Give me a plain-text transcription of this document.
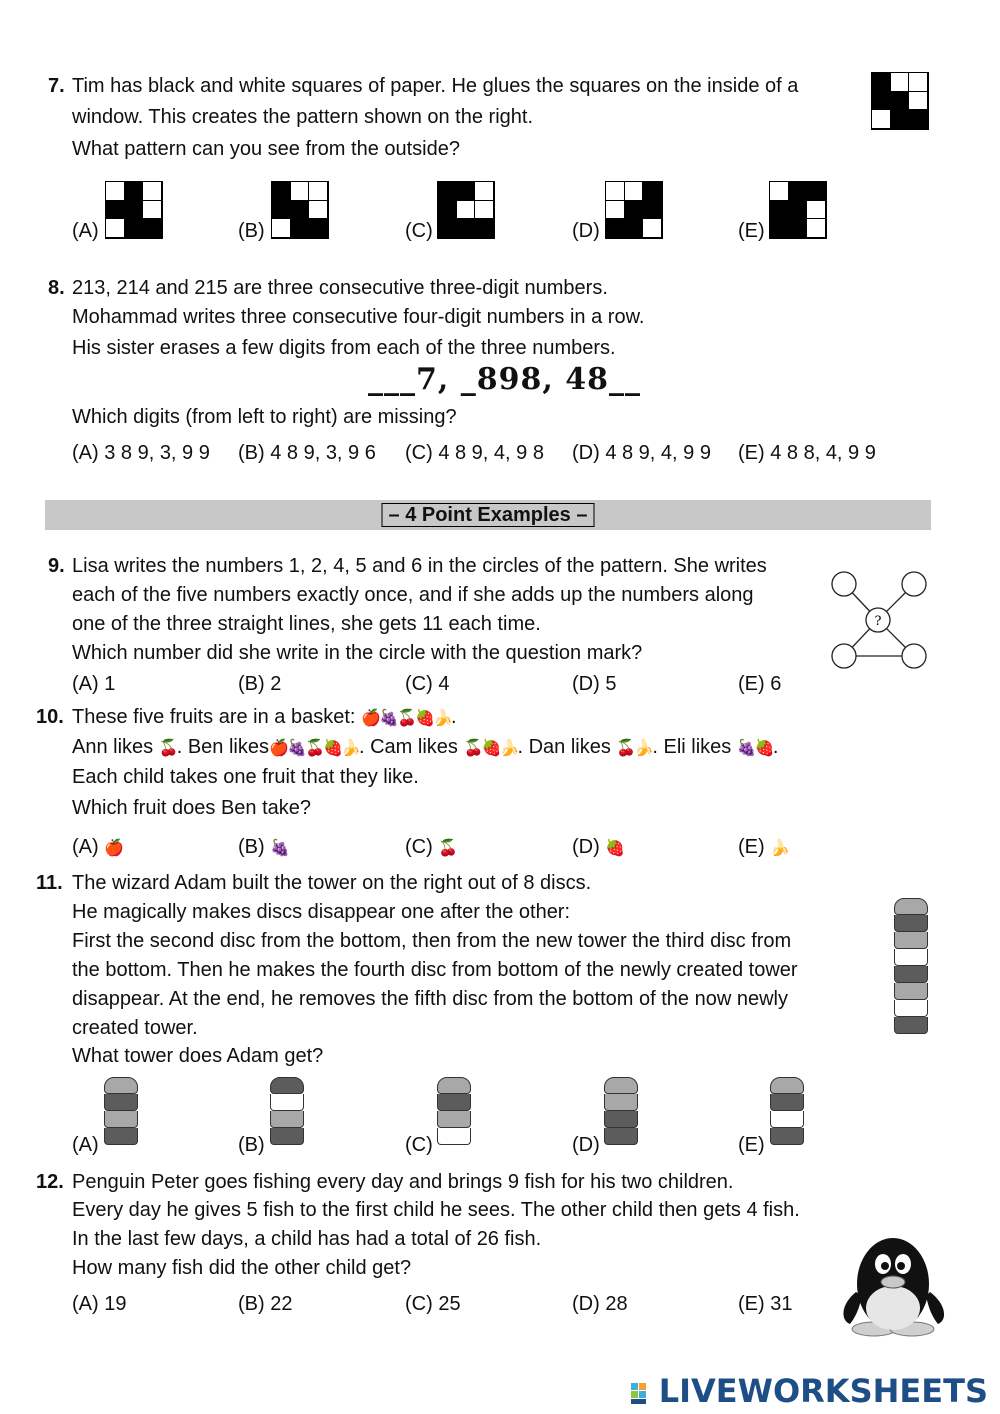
7. Tim has black and white squares of paper. He glues the squares on the inside of a
window. This creates the pattern shown on the right.
What pattern can you see from the outside?
(A)	(B)	(C)	(D)	(E)
8. 213, 214 and 215 are three consecutive three-digit numbers.
Mohammad writes three consecutive four-digit numbers in a row.
His sister erases a few digits from each of the three numbers.
___7, _898, 48__
Which digits (from left to right) are missing?
(A) 3 8 9, 3, 9 9 (B) 4 8 9, 3, 9 6 (C) 4 8 9, 4, 9 8 (D) 4 8 9, 4, 9 9 (E) 4 8 8, 4, 9 9
– 4 Point Examples –
9. Lisa writes the numbers 1, 2, 4, 5 and 6 in the circles of the pattern. She writes
each of the five numbers exactly once, and if she adds up the numbers along
one of the three straight lines, she gets 11 each time.
Which number did she write in the circle with the question mark?
?
(A) 1	(B) 2	(C) 4	(D) 5	(E) 6
10. These five fruits are in a basket: 🍎🍇🍒🍓🍌.
Ann likes 🍒. Ben likes🍎🍇🍒🍓🍌. Cam likes 🍒🍓🍌. Dan likes 🍒🍌. Eli likes 🍇🍓.
Each child takes one fruit that they like.
Which fruit does Ben take?
(A) 🍎	(B) 🍇	(C) 🍒	(D) 🍓	(E) 🍌
11. The wizard Adam built the tower on the right out of 8 discs.
He magically makes discs disappear one after the other:
First the second disc from the bottom, then from the new tower the third disc from
the bottom. Then he makes the fourth disc from bottom of the newly created tower
disappear. At the end, he removes the fifth disc from the bottom of the now newly
created tower.
What tower does Adam get?
(A)	(B)	(C)	(D)	(E)
12. Penguin Peter goes fishing every day and brings 9 fish for his two children.
Every day he gives 5 fish to the first child he sees. The other child then gets 4 fish.
In the last few days, a child has had a total of 26 fish.
How many fish did the other child get?
(A) 19	(B) 22	(C) 25	(D) 28	(E) 31
LIVEWORKSHEETS
